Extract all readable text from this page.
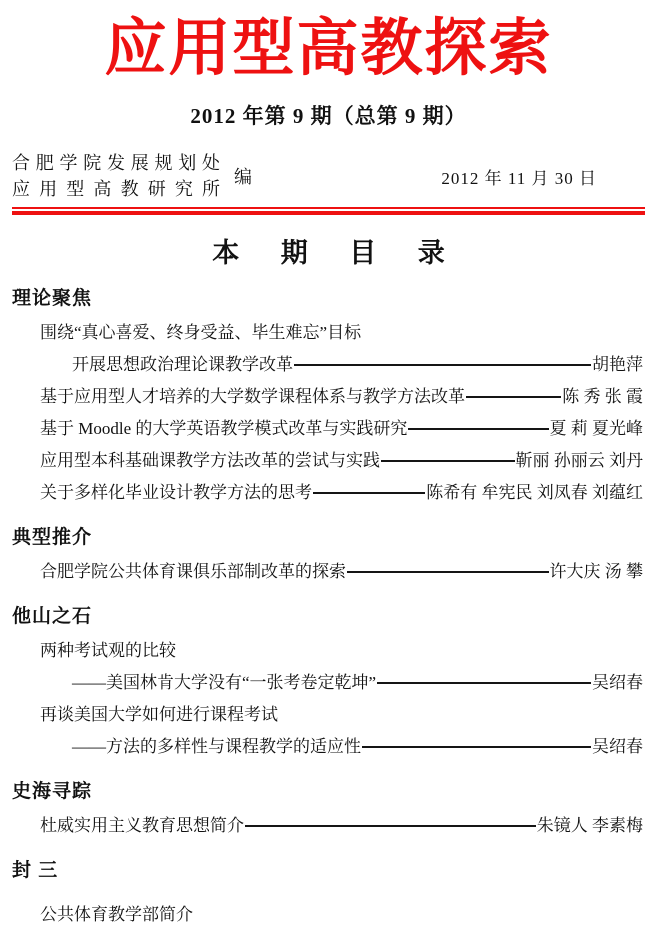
应用型高教探索
2012 年第 9 期（总第 9 期）
合肥学院发展规划处
应用型高教研究所
编	2012 年 11 月 30 日
本 期 目 录
理论聚焦
围绕“真心喜爱、终身受益、毕生难忘”目标
开展思想政治理论课教学改革	胡艳萍
基于应用型人才培养的大学数学课程体系与教学方法改革	陈 秀 张 霞
基于 Moodle 的大学英语教学模式改革与实践研究	夏 莉 夏光峰
应用型本科基础课教学方法改革的尝试与实践	靳丽 孙丽云 刘丹
关于多样化毕业设计教学方法的思考	陈希有 牟宪民 刘凤春 刘蕴红
典型推介
合肥学院公共体育课俱乐部制改革的探索	许大庆 汤 攀
他山之石
两种考试观的比较
——美国林肯大学没有“一张考卷定乾坤”	吴绍春
再谈美国大学如何进行课程考试
——方法的多样性与课程教学的适应性	吴绍春
史海寻踪
杜威实用主义教育思想简介	朱镜人 李素梅
封 三
公共体育教学部简介
